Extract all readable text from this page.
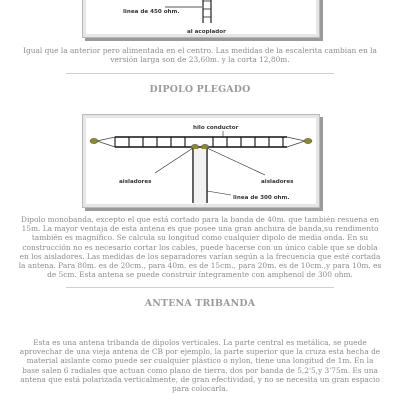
linea de 450 ohm.
al acoplador
Igual que la anterior pero alimentada en el centro. Las medidas de la escalerita cambian en la versión larga son de 23,60m. y la corta 12,80m.
DIPOLO PLEGADO
hilo conductor
aisladores	aisladores
linea de 300 ohm.
Dipolo monobanda, excepto el que está cortado para la banda de 40m. que también resuena en 15m. La mayor ventaja de esta antena es que posee una gran anchura de banda,su rendimento también es magnífico. Se calcula su longitud como cualquier dipolo de media onda. En su construcción no es necesario cortar los cables, puede hacerse con un único cable que se dobla en los aisladores. Las medidas de los separadores varían según a la frecuencia que esté cortada la antena. Para 80m. es de 20cm., para 40m. es de 15cm., para 20m. es de 10cm.,y para 10m. es de 5cm. Esta antena se puede construir íntegramente con amphenol de 300 ohm.
ANTENA TRIBANDA
Esta es una antena tribanda de dipolos verticales. La parte central es metálica, se puede aprovechar de una vieja antena de CB por ejemplo, la parte superior que la cruza esta hecha de material aislante como puede ser cualquier plástico o nylon, tiene una longitud de 1m. En la base salen 6 radiales que actuan como plano de tierra, dos por banda de 5,2'5,y 3'75m. Es una antena que está polarizada verticalmente, de gran efectividad, y no se necesita un gran espacio para colocarla.
